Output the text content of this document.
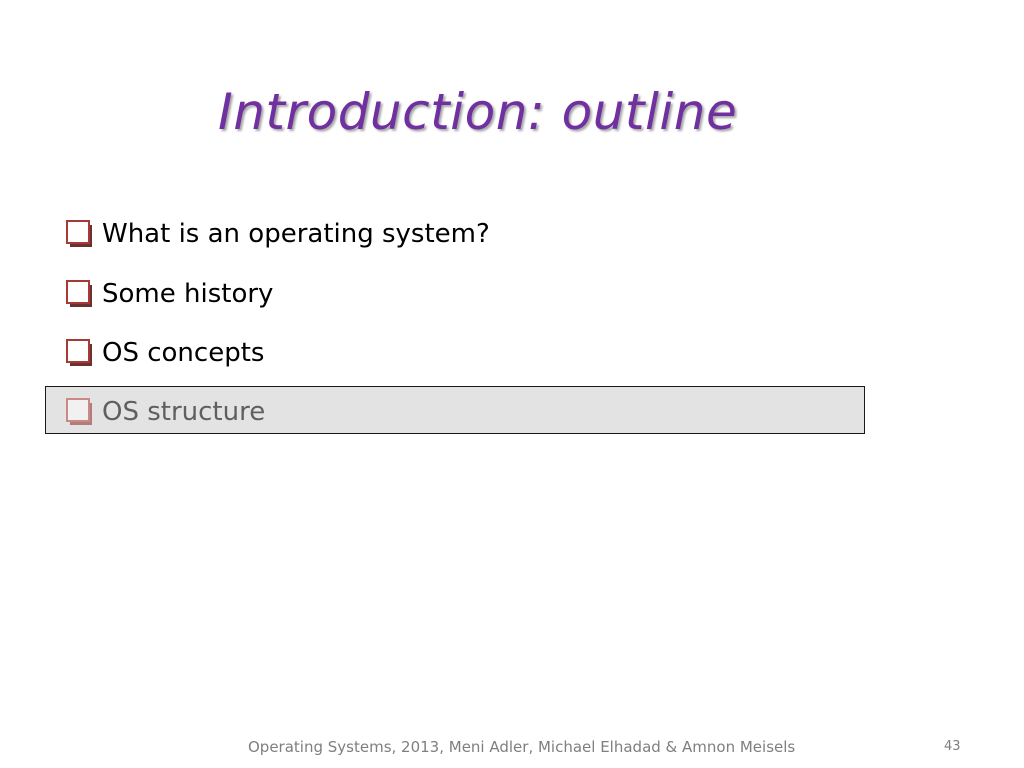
Introduction: outline
What is an operating system?
Some history
OS concepts
OS structure
Operating Systems, 2013, Meni Adler, Michael Elhadad & Amnon Meisels	43
